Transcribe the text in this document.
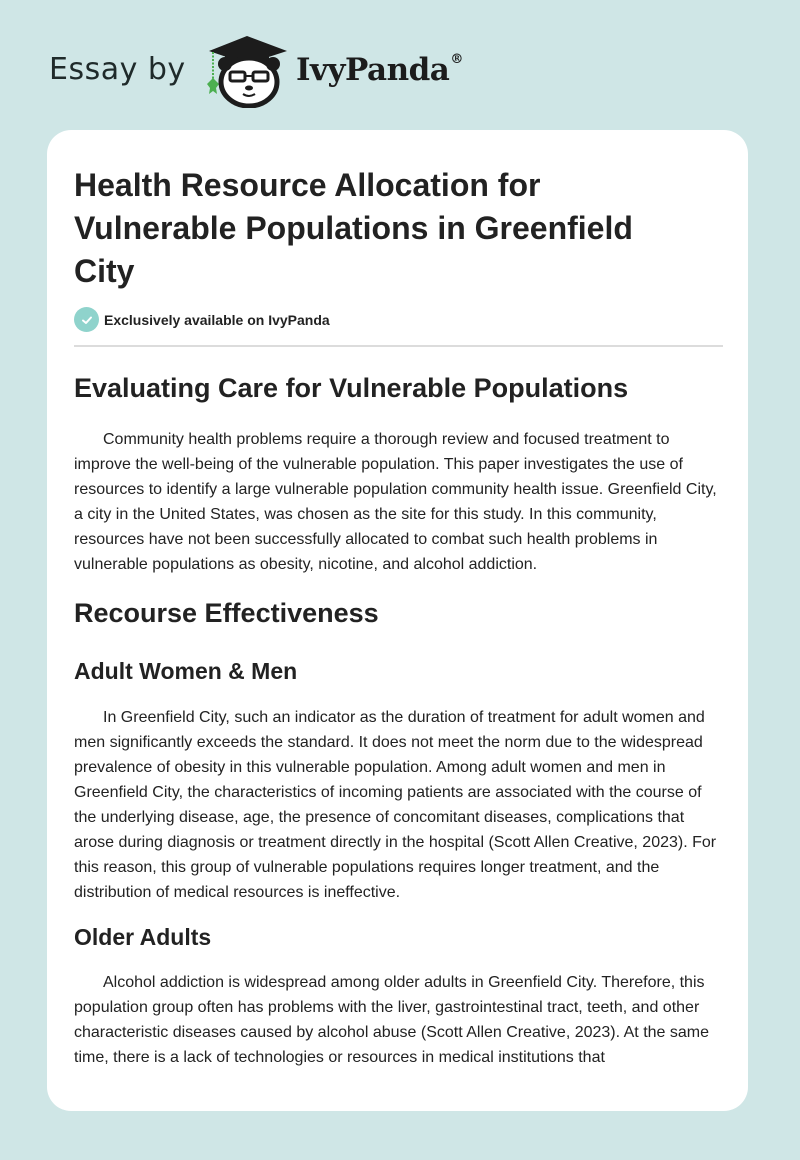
Essay by	IvyPanda®
Health Resource Allocation for Vulnerable Populations in Greenfield City
Exclusively available on IvyPanda
Evaluating Care for Vulnerable Populations

Community health problems require a thorough review and focused treatment to improve the well-being of the vulnerable population. This paper investigates the use of resources to identify a large vulnerable population community health issue. Greenfield City, a city in the United States, was chosen as the site for this study. In this community, resources have not been successfully allocated to combat such health problems in vulnerable populations as obesity, nicotine, and alcohol addiction.

Recourse Effectiveness
Adult Women & Men

In Greenfield City, such an indicator as the duration of treatment for adult women and men significantly exceeds the standard. It does not meet the norm due to the widespread prevalence of obesity in this vulnerable population. Among adult women and men in Greenfield City, the characteristics of incoming patients are associated with the course of the underlying disease, age, the presence of concomitant diseases, complications that arose during diagnosis or treatment directly in the hospital (Scott Allen Creative, 2023). For this reason, this group of vulnerable populations requires longer treatment, and the distribution of medical resources is ineffective.

Older Adults

Alcohol addiction is widespread among older adults in Greenfield City. Therefore, this population group often has problems with the liver, gastrointestinal tract, teeth, and other characteristic diseases caused by alcohol abuse (Scott Allen Creative, 2023). At the same time, there is a lack of technologies or resources in medical institutions that
